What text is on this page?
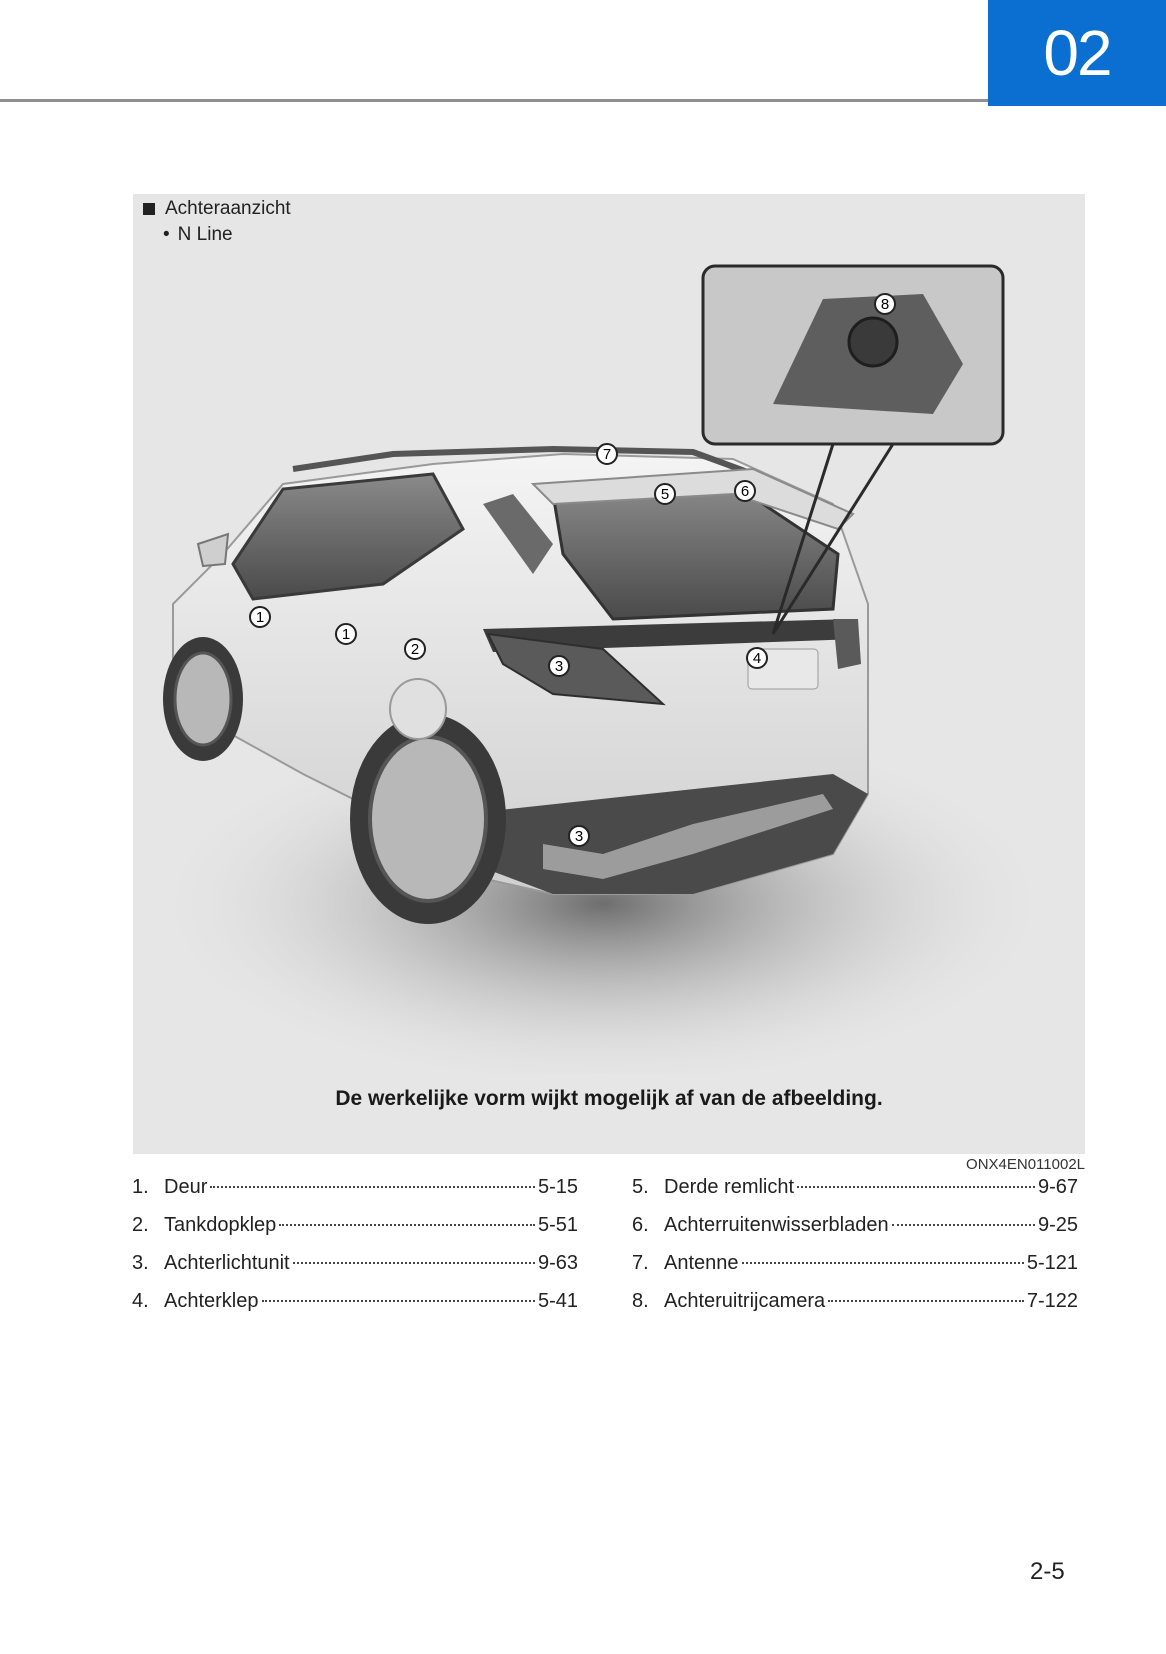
02
Achteraanzicht
• N Line
1
1
2
3
3
4
5	6
7
8
De werkelijke vorm wijkt mogelijk af van de afbeelding.
ONX4EN011002L
1. Deur	5-15
2. Tankdopklep	5-51
3. Achterlichtunit	9-63
4. Achterklep	5-41
5. Derde remlicht	9-67
6. Achterruitenwisserbladen	9-25
7. Antenne	5-121
8. Achteruitrijcamera	7-122
2-5
